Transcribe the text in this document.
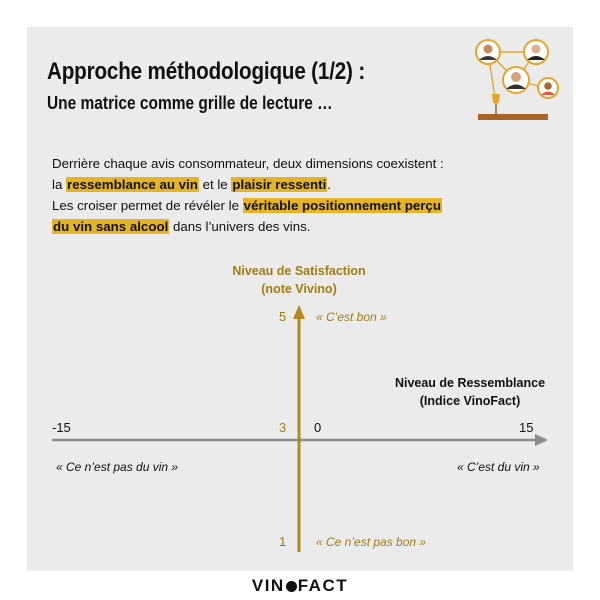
Approche méthodologique (1/2) :
Une matrice comme grille de lecture …

Derrière chaque avis consommateur, deux dimensions coexistent :

la ressemblance au vin et le plaisir ressenti.

Les croiser permet de révéler le véritable positionnement perçu

du vin sans alcool dans l’univers des vins.

Niveau de Satisfaction
(note Vivino)
Niveau de Ressemblance
(Indice VinoFact)
-15	0	15
5
3
1
« C’est bon »
« Ce n’est pas bon »
« Ce n’est pas du vin »	« C’est du vin »
VIN FACT
